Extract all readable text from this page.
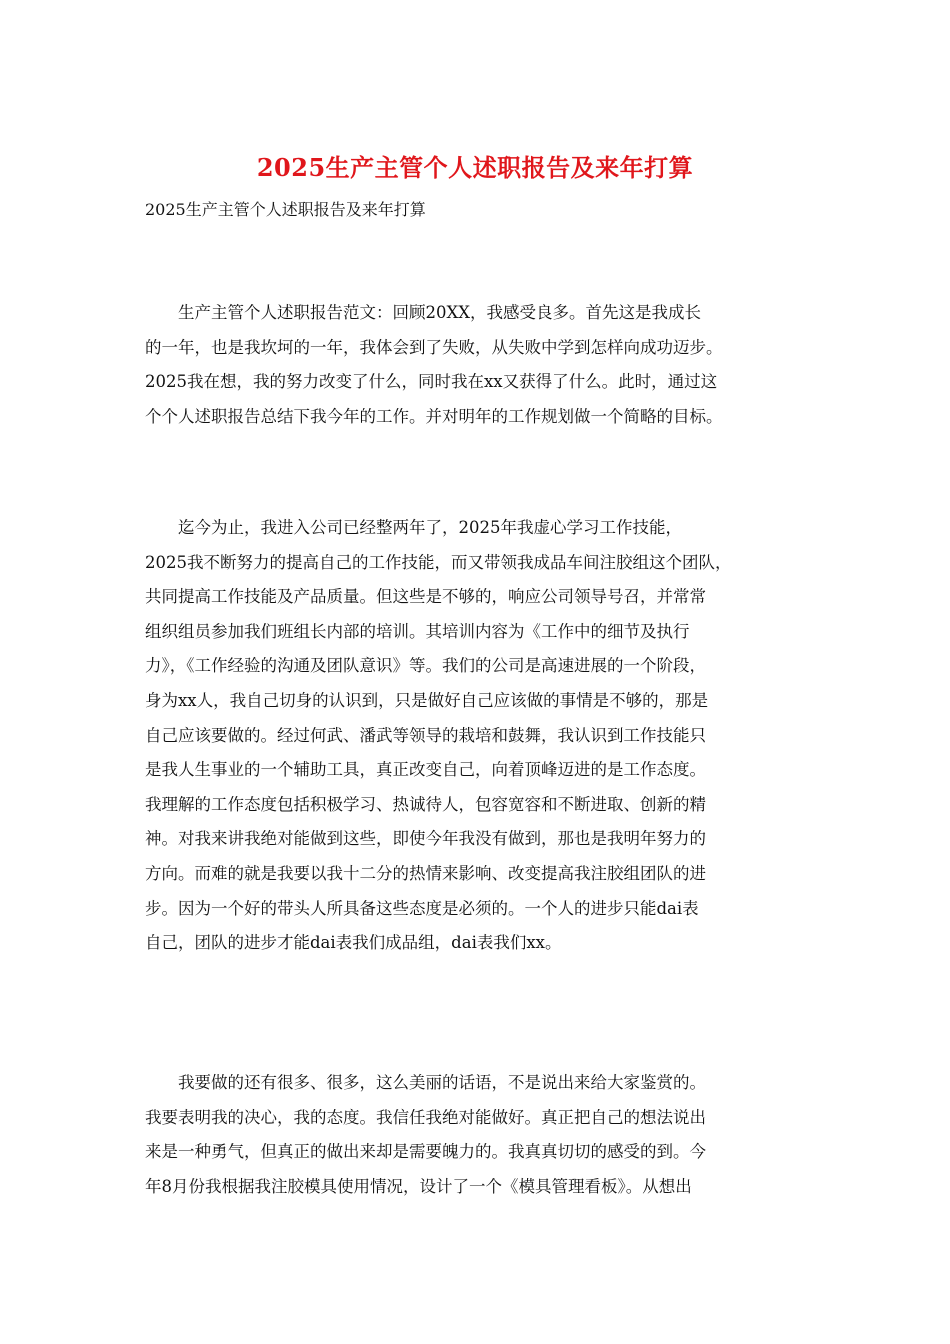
2025生产主管个人述职报告及来年打算
2025生产主管个人述职报告及来年打算
　　生产主管个人述职报告范文：回顾20XX，我感受良多。首先这是我成长
的一年，也是我坎坷的一年，我体会到了失败，从失败中学到怎样向成功迈步。
2025我在想，我的努力改变了什么，同时我在xx又获得了什么。此时，通过这
个个人述职报告总结下我今年的工作。并对明年的工作规划做一个简略的目标。
　　迄今为止，我进入公司已经整两年了，2025年我虚心学习工作技能，
2025我不断努力的提高自己的工作技能，而又带领我成品车间注胶组这个团队，
共同提高工作技能及产品质量。但这些是不够的，响应公司领导号召，并常常
组织组员参加我们班组长内部的培训。其培训内容为《工作中的细节及执行
力》，《工作经验的沟通及团队意识》等。我们的公司是高速进展的一个阶段，
身为xx人，我自己切身的认识到，只是做好自己应该做的事情是不够的，那是
自己应该要做的。经过何武、潘武等领导的栽培和鼓舞，我认识到工作技能只
是我人生事业的一个辅助工具，真正改变自己，向着顶峰迈进的是工作态度。
我理解的工作态度包括积极学习、热诚待人，包容宽容和不断进取、创新的精
神。对我来讲我绝对能做到这些，即使今年我没有做到，那也是我明年努力的
方向。而难的就是我要以我十二分的热情来影响、改变提高我注胶组团队的进
步。因为一个好的带头人所具备这些态度是必须的。一个人的进步只能dai表
自己，团队的进步才能dai表我们成品组，dai表我们xx。
　　我要做的还有很多、很多，这么美丽的话语，不是说出来给大家鉴赏的。
我要表明我的决心，我的态度。我信任我绝对能做好。真正把自己的想法说出
来是一种勇气，但真正的做出来却是需要魄力的。我真真切切的感受的到。今
年8月份我根据我注胶模具使用情况，设计了一个《模具管理看板》。从想出
